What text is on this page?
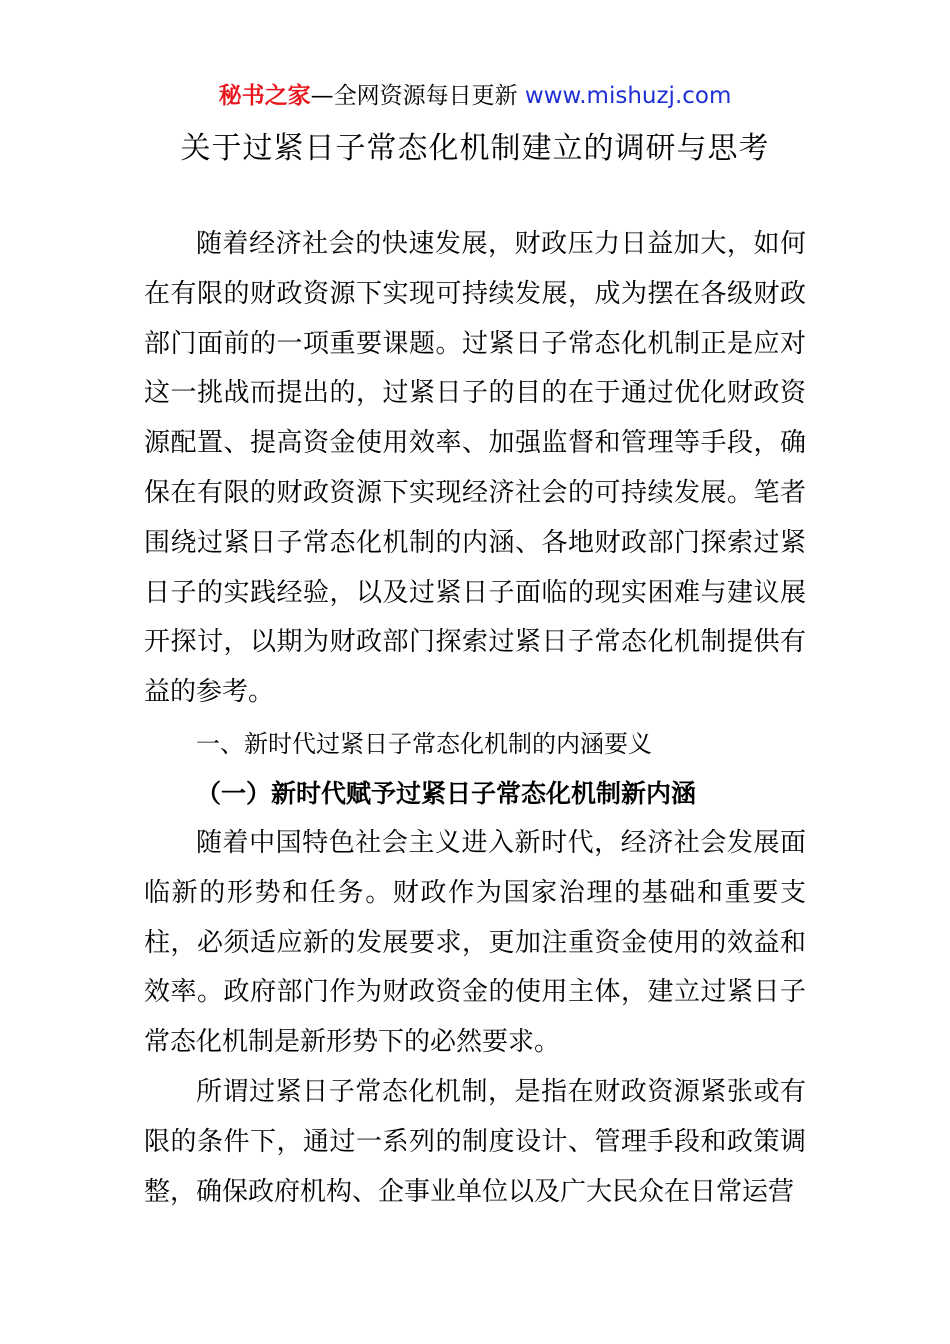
秘书之家—全网资源每日更新 www.mishuzj.com
关于过紧日子常态化机制建立的调研与思考

随着经济社会的快速发展，财政压力日益加大，如何在有限的财政资源下实现可持续发展，成为摆在各级财政部门面前的一项重要课题。过紧日子常态化机制正是应对这一挑战而提出的，过紧日子的目的在于通过优化财政资源配置、提高资金使用效率、加强监督和管理等手段，确保在有限的财政资源下实现经济社会的可持续发展。笔者围绕过紧日子常态化机制的内涵、各地财政部门探索过紧日子的实践经验，以及过紧日子面临的现实困难与建议展开探讨，以期为财政部门探索过紧日子常态化机制提供有益的参考。

一、新时代过紧日子常态化机制的内涵要义

（一）新时代赋予过紧日子常态化机制新内涵

随着中国特色社会主义进入新时代，经济社会发展面临新的形势和任务。财政作为国家治理的基础和重要支柱，必须适应新的发展要求，更加注重资金使用的效益和效率。政府部门作为财政资金的使用主体，建立过紧日子常态化机制是新形势下的必然要求。

所谓过紧日子常态化机制，是指在财政资源紧张或有限的条件下，通过一系列的制度设计、管理手段和政策调整，确保政府机构、企事业单位以及广大民众在日常运营
